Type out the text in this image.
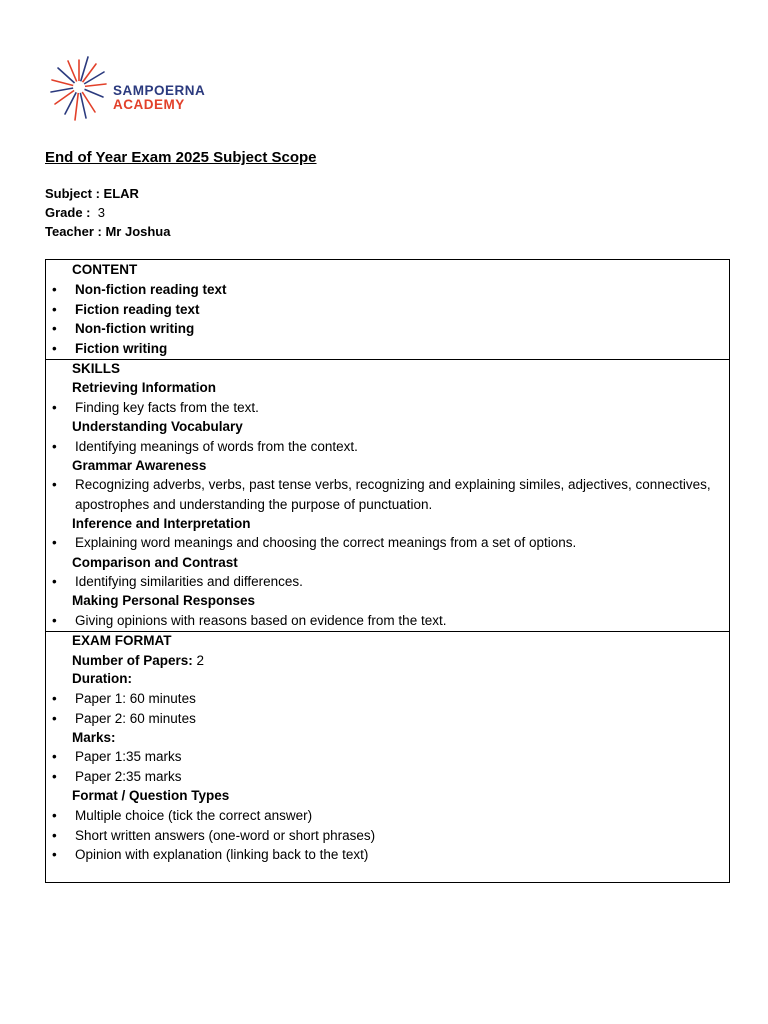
SAMPOERNA
ACADEMY
End of Year Exam 2025 Subject Scope
Subject : ELAR
Grade : 3
Teacher : Mr Joshua
CONTENT
• Non-fiction reading text
• Fiction reading text
• Non-fiction writing
• Fiction writing
SKILLS
Retrieving Information
• Finding key facts from the text.
Understanding Vocabulary
• Identifying meanings of words from the context.
Grammar Awareness
• Recognizing adverbs, verbs, past tense verbs, recognizing and explaining similes, adjectives, connectives, apostrophes and understanding the purpose of punctuation.
Inference and Interpretation
• Explaining word meanings and choosing the correct meanings from a set of options.
Comparison and Contrast
• Identifying similarities and differences.
Making Personal Responses
• Giving opinions with reasons based on evidence from the text.
EXAM FORMAT
Number of Papers: 2
Duration:
• Paper 1: 60 minutes
• Paper 2: 60 minutes
Marks:
• Paper 1:35 marks
• Paper 2:35 marks
Format / Question Types
• Multiple choice (tick the correct answer)
• Short written answers (one-word or short phrases)
• Opinion with explanation (linking back to the text)
